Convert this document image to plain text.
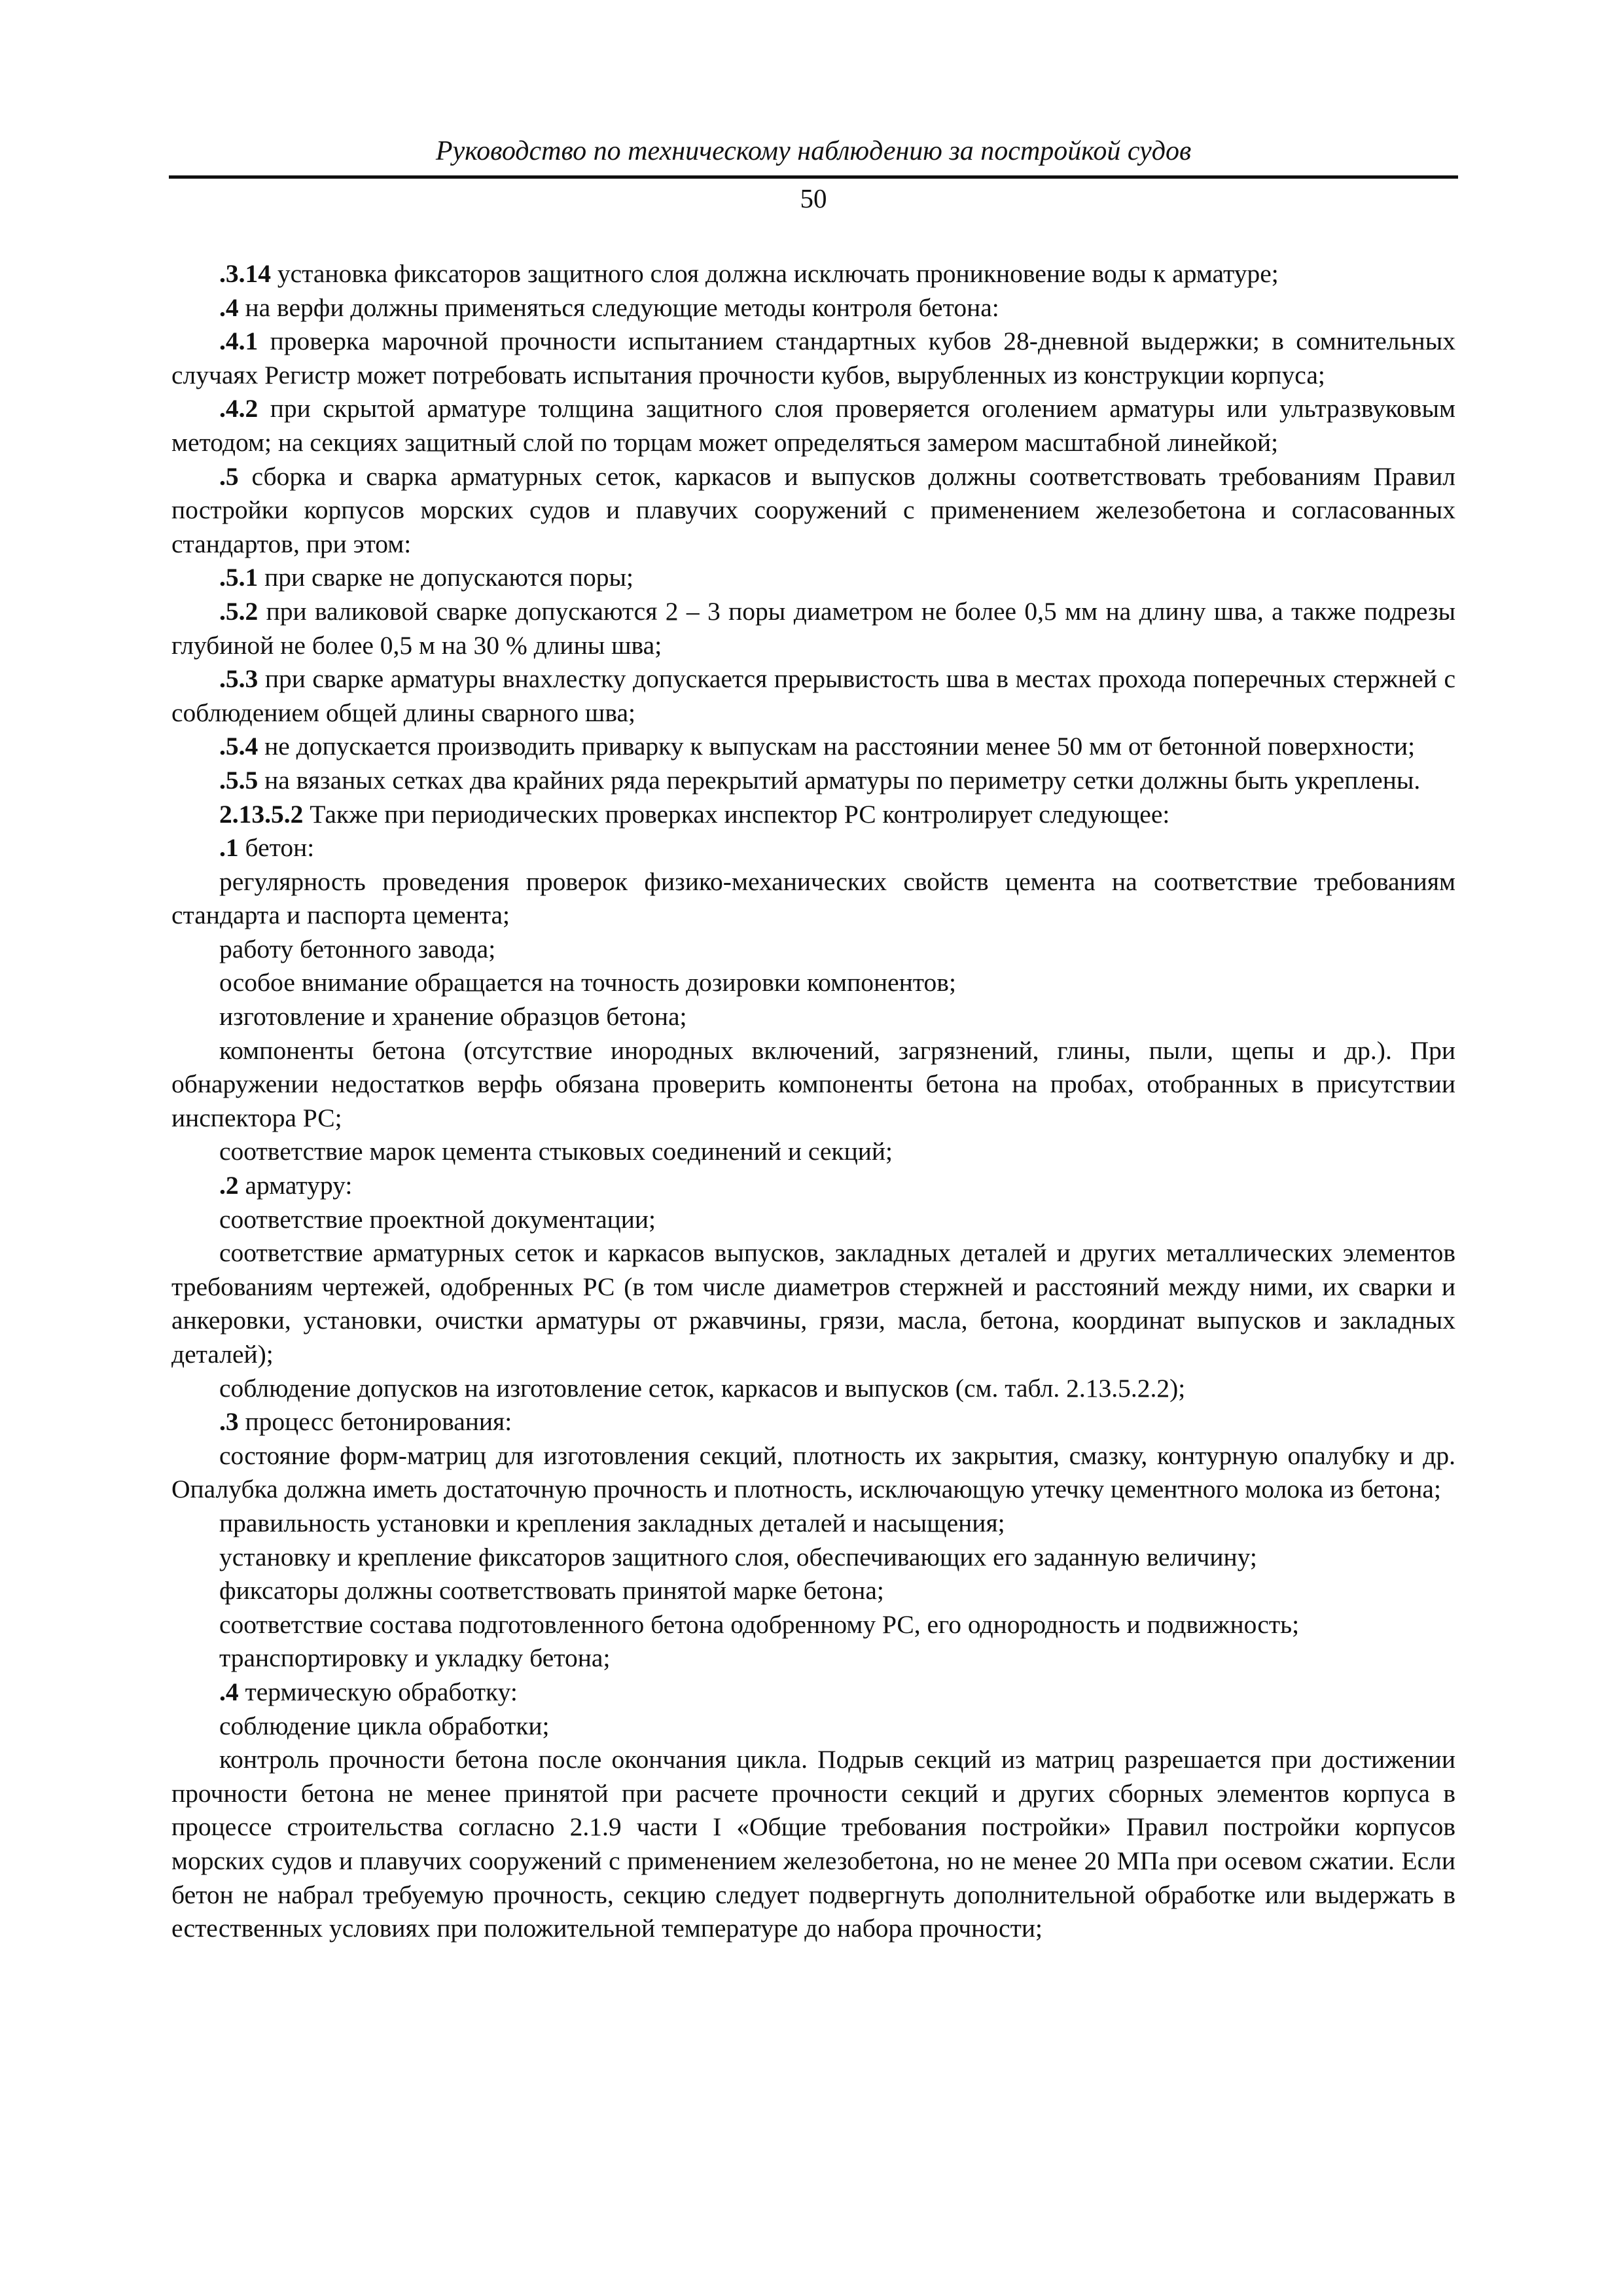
Руководство по техническому наблюдению за постройкой судов
50

.3.14 установка фиксаторов защитного слоя должна исключать проникновение воды к арматуре;

.4 на верфи должны применяться следующие методы контроля бетона:

.4.1 проверка марочной прочности испытанием стандартных кубов 28-дневной выдержки; в сомнительных случаях Регистр может потребовать испытания прочности кубов, вырубленных из конструкции корпуса;

.4.2 при скрытой арматуре толщина защитного слоя проверяется оголением арматуры или ультразвуковым методом; на секциях защитный слой по торцам может определяться замером масштабной линейкой;

.5 сборка и сварка арматурных сеток, каркасов и выпусков должны соответствовать требованиям Правил постройки корпусов морских судов и плавучих сооружений с применением железобетона и согласованных стандартов, при этом:

.5.1 при сварке не допускаются поры;

.5.2 при валиковой сварке допускаются 2 – 3 поры диаметром не более 0,5 мм на длину шва, а также подрезы глубиной не более 0,5 м на 30 % длины шва;

.5.3 при сварке арматуры внахлестку допускается прерывистость шва в местах прохода поперечных стержней с соблюдением общей длины сварного шва;

.5.4 не допускается производить приварку к выпускам на расстоянии менее 50 мм от бетонной поверхности;

.5.5 на вязаных сетках два крайних ряда перекрытий арматуры по периметру сетки должны быть укреплены.

2.13.5.2 Также при периодических проверках инспектор РС контролирует следующее:

.1 бетон:

регулярность проведения проверок физико-механических свойств цемента на соответствие требованиям стандарта и паспорта цемента;

работу бетонного завода;

особое внимание обращается на точность дозировки компонентов;

изготовление и хранение образцов бетона;

компоненты бетона (отсутствие инородных включений, загрязнений, глины, пыли, щепы и др.). При обнаружении недостатков верфь обязана проверить компоненты бетона на пробах, отобранных в присутствии инспектора РС;

соответствие марок цемента стыковых соединений и секций;

.2 арматуру:

соответствие проектной документации;

соответствие арматурных сеток и каркасов выпусков, закладных деталей и других металлических элементов требованиям чертежей, одобренных РС (в том числе диаметров стержней и расстояний между ними, их сварки и анкеровки, установки, очистки арматуры от ржавчины, грязи, масла, бетона, координат выпусков и закладных деталей);

соблюдение допусков на изготовление сеток, каркасов и выпусков (см. табл. 2.13.5.2.2);

.3 процесс бетонирования:

состояние форм-матриц для изготовления секций, плотность их закрытия, смазку, контурную опалубку и др. Опалубка должна иметь достаточную прочность и плотность, исключающую утечку цементного молока из бетона;

правильность установки и крепления закладных деталей и насыщения;

установку и крепление фиксаторов защитного слоя, обеспечивающих его заданную величину;

фиксаторы должны соответствовать принятой марке бетона;

соответствие состава подготовленного бетона одобренному РС, его однородность и подвижность;

транспортировку и укладку бетона;

.4 термическую обработку:

соблюдение цикла обработки;

контроль прочности бетона после окончания цикла. Подрыв секций из матриц разрешается при достижении прочности бетона не менее принятой при расчете прочности секций и других сборных элементов корпуса в процессе строительства согласно 2.1.9 части I «Общие требования постройки» Правил постройки корпусов морских судов и плавучих сооружений с применением железобетона, но не менее 20 МПа при осевом сжатии. Если бетон не набрал требуемую прочность, секцию следует подвергнуть дополнительной обработке или выдержать в естественных условиях при положительной температуре до набора прочности;
